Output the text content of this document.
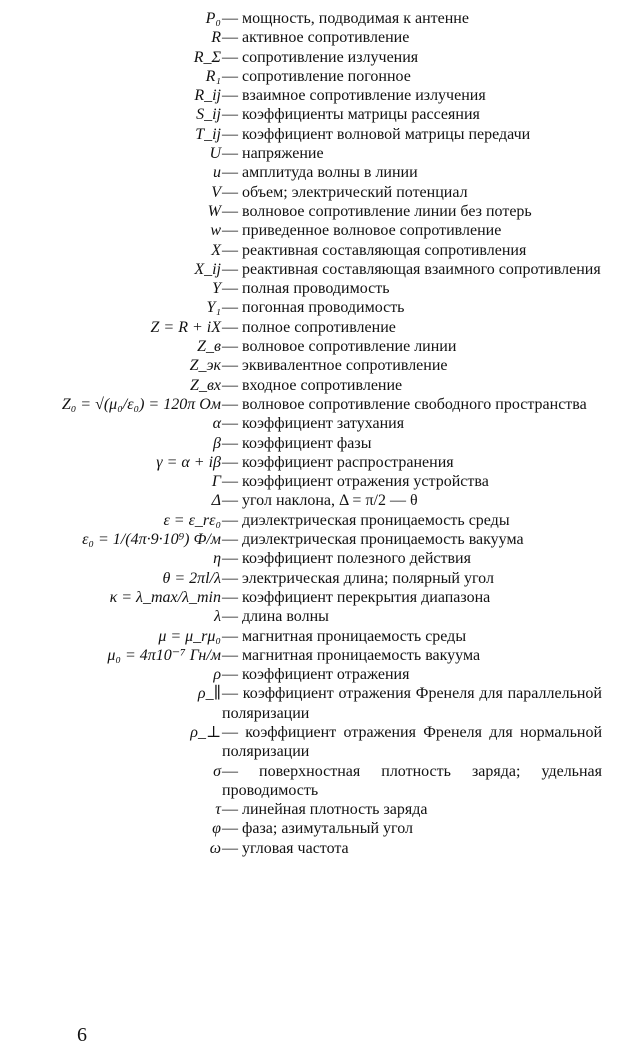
P₀	— мощность, подводимая к антенне
R	— активное сопротивление
R_Σ	— сопротивление излучения
R₁	— сопротивление погонное
R_ij	— взаимное сопротивление излучения
S_ij	— коэффициенты матрицы рассеяния
T_ij	— коэффициент волновой матрицы передачи
U	— напряжение
u	— амплитуда волны в линии
V	— объем; электрический потенциал
W	— волновое сопротивление линии без потерь
w	— приведенное волновое сопротивление
X	— реактивная составляющая сопротивления
X_ij	— реактивная составляющая взаимного сопротивления
Y	— полная проводимость
Y₁	— погонная проводимость
Z = R + iX	— полное сопротивление
Z_в	— волновое сопротивление линии
Z_эк	— эквивалентное сопротивление
Z_вх	— входное сопротивление
Z₀ = √(μ₀/ε₀) = 120π Ом	— волновое сопротивление свободного пространства
α	— коэффициент затухания
β	— коэффициент фазы
γ = α + iβ	— коэффициент распространения
Γ	— коэффициент отражения устройства
Δ	— угол наклона, Δ = π/2 — θ
ε = ε_rε₀	— диэлектрическая проницаемость среды
ε₀ = 1/(4π·9·10⁹) Ф/м	— диэлектрическая проницаемость вакуума
η	— коэффициент полезного действия
θ = 2πl/λ	— электрическая длина; полярный угол
κ = λ_max/λ_min	— коэффициент перекрытия диапазона
λ	— длина волны
μ = μ_rμ₀	— магнитная проницаемость среды
μ₀ = 4π10⁻⁷ Гн/м	— магнитная проницаемость вакуума
ρ	— коэффициент отражения
ρ_∥	— коэффициент отражения Френеля для параллельной поляризации
ρ_⊥	— коэффициент отражения Френеля для нормальной поляризации
σ	— поверхностная плотность заряда; удельная проводимость
τ	— линейная плотность заряда
φ	— фаза; азимутальный угол
ω	— угловая частота
6
